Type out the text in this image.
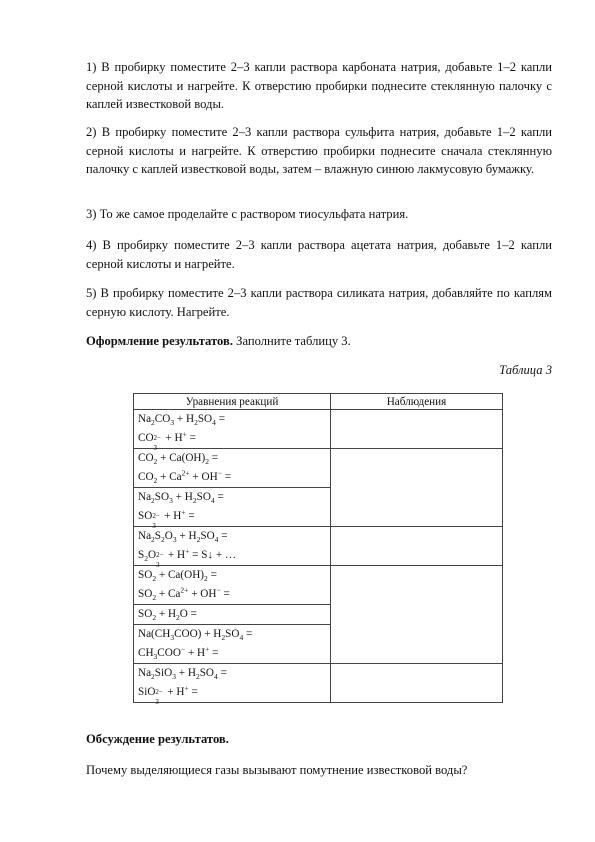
1) В пробирку поместите 2–3 капли раствора карбоната натрия, добавьте 1–2 капли серной кислоты и нагрейте. К отверстию пробирки поднесите стеклянную палочку с каплей известковой воды.

2) В пробирку поместите 2–3 капли раствора сульфита натрия, добавьте 1–2 капли серной кислоты и нагрейте. К отверстию пробирки поднесите сначала стеклянную палочку с каплей известковой воды, затем – влажную синюю лакмусовую бумажку.

3) То же самое проделайте с раствором тиосульфата натрия.

4) В пробирку поместите 2–3 капли раствора ацетата натрия, добавьте 1–2 капли серной кислоты и нагрейте.

5) В пробирку поместите 2–3 капли раствора силиката натрия, добавляйте по каплям серную кислоту. Нагрейте.

Оформление результатов. Заполните таблицу 3.

Таблица 3
Уравнения реакций	Наблюдения

$Na_2CO_3 + H_2SO_4$ =
CO 2−
3
+ H+ =	

$CO_2 + Ca(OH)_2$ =
$CO_2 + Ca^{2+} + OH^-$ =	

$Na_2SO_3 + H_2SO_4$ =
SO 2−
3
+ H+ =	

$Na_2S_2O_3 + H_2SO_4$ =
$S_2O$ 2−
3
+ H+ = S↓ + …	

$SO_2 + Ca(OH)_2$ =
$SO_2 + Ca^{2+} + OH^-$ =	

$SO_2 + H_2O$ =	

$Na(CH_3COO) + H_2SO_4$ =
$CH_3COO^- + H^+$ =	

$Na_2SiO_3 + H_2SO_4$ =
SiO 2−
3
+ H+ =	

Обсуждение результатов.

Почему выделяющиеся газы вызывают помутнение известковой воды?
